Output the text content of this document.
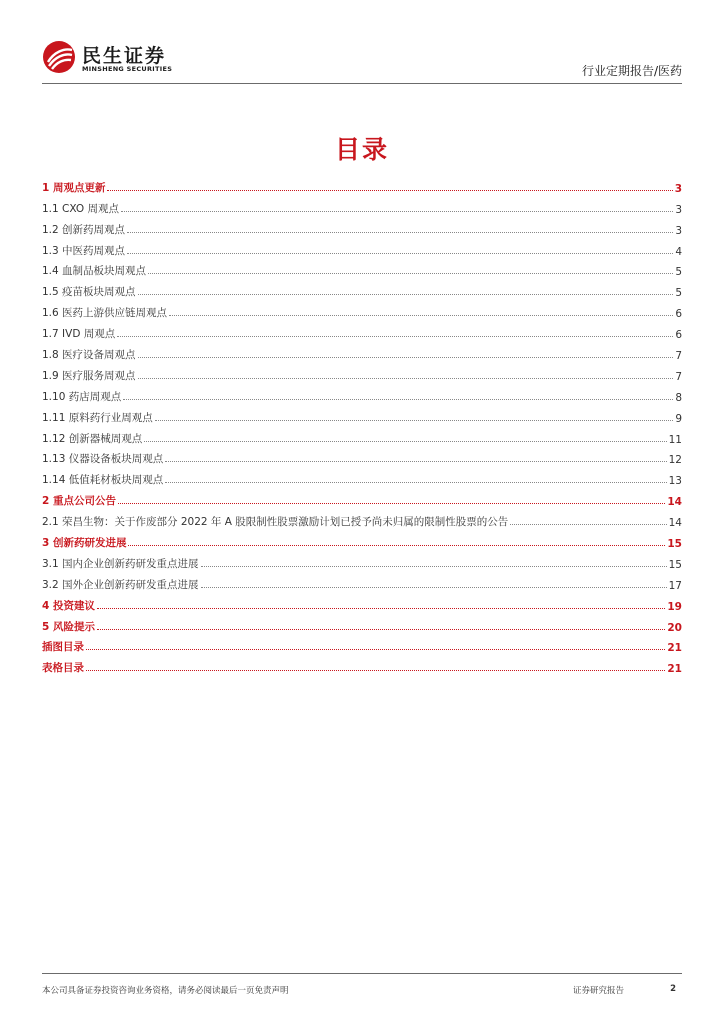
民生证券
MINSHENG SECURITIES	行业定期报告/医药
目录
1 周观点更新	3
1.1 CXO 周观点	3
1.2 创新药周观点	3
1.3 中医药周观点	4
1.4 血制品板块周观点	5
1.5 疫苗板块周观点	5
1.6 医药上游供应链周观点	6
1.7 IVD 周观点	6
1.8 医疗设备周观点	7
1.9 医疗服务周观点	7
1.10 药店周观点	8
1.11 原料药行业周观点	9
1.12 创新器械周观点	11
1.13 仪器设备板块周观点	12
1.14 低值耗材板块周观点	13
2 重点公司公告	14
2.1 荣昌生物：关于作废部分 2022 年 A 股限制性股票激励计划已授予尚未归属的限制性股票的公告	14
3 创新药研发进展	15
3.1 国内企业创新药研发重点进展	15
3.2 国外企业创新药研发重点进展	17
4 投资建议	19
5 风险提示	20
插图目录	21
表格目录	21
本公司具备证券投资咨询业务资格，请务必阅读最后一页免责声明	证券研究报告	2
